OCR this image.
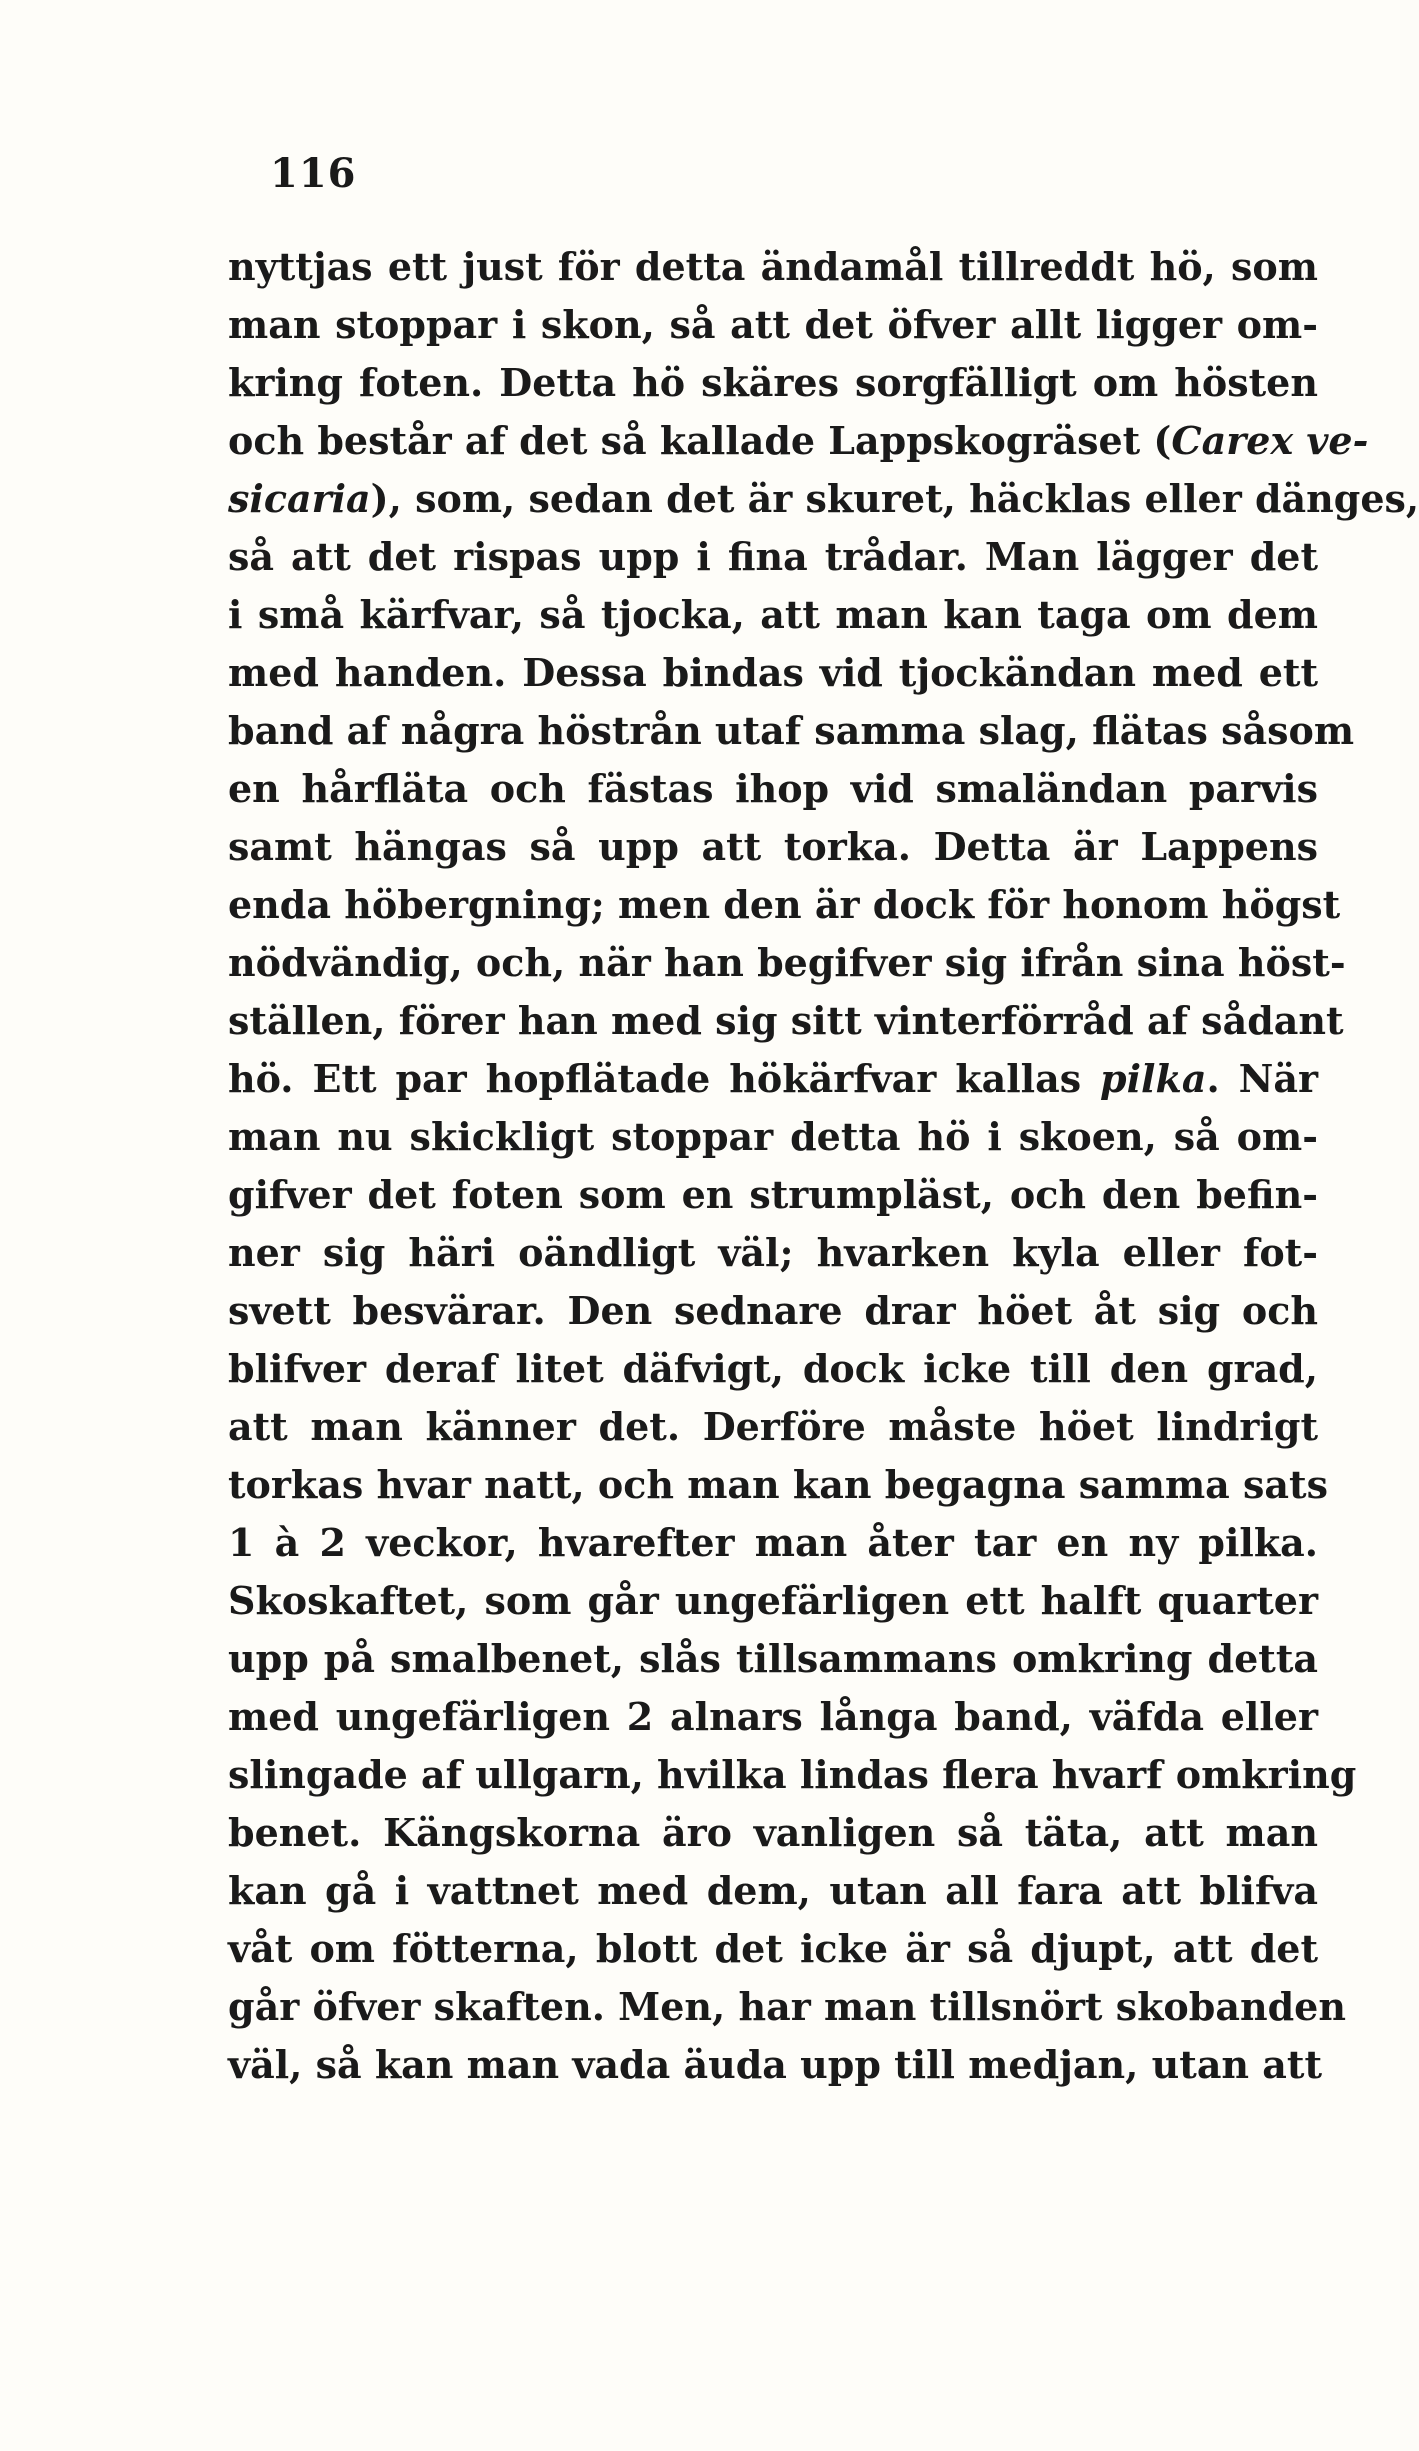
116
nyttjas ett just för detta ändamål tillreddt hö, som
man stoppar i skon, så att det öfver allt ligger om-
kring foten. Detta hö skäres sorgfälligt om hösten
och består af det så kallade Lappskogräset (Carex ve-
sicaria), som, sedan det är skuret, häcklas eller dänges,
så att det rispas upp i fina trådar. Man lägger det
i små kärfvar, så tjocka, att man kan taga om dem
med handen. Dessa bindas vid tjockändan med ett
band af några höstrån utaf samma slag, flätas såsom
en hårfläta och fästas ihop vid smaländan parvis
samt hängas så upp att torka. Detta är Lappens
enda höbergning; men den är dock för honom högst
nödvändig, och, när han begifver sig ifrån sina höst-
ställen, förer han med sig sitt vinterförråd af sådant
hö. Ett par hopflätade hökärfvar kallas pilka. När
man nu skickligt stoppar detta hö i skoen, så om-
gifver det foten som en strumpläst, och den befin-
ner sig häri oändligt väl; hvarken kyla eller fot-
svett besvärar. Den sednare drar höet åt sig och
blifver deraf litet däfvigt, dock icke till den grad,
att man känner det. Derföre måste höet lindrigt
torkas hvar natt, och man kan begagna samma sats
1 à 2 veckor, hvarefter man åter tar en ny pilka.
Skoskaftet, som går ungefärligen ett halft quarter
upp på smalbenet, slås tillsammans omkring detta
med ungefärligen 2 alnars långa band, väfda eller
slingade af ullgarn, hvilka lindas flera hvarf omkring
benet. Kängskorna äro vanligen så täta, att man
kan gå i vattnet med dem, utan all fara att blifva
våt om fötterna, blott det icke är så djupt, att det
går öfver skaften. Men, har man tillsnört skobanden
väl, så kan man vada äuda upp till medjan, utan att
